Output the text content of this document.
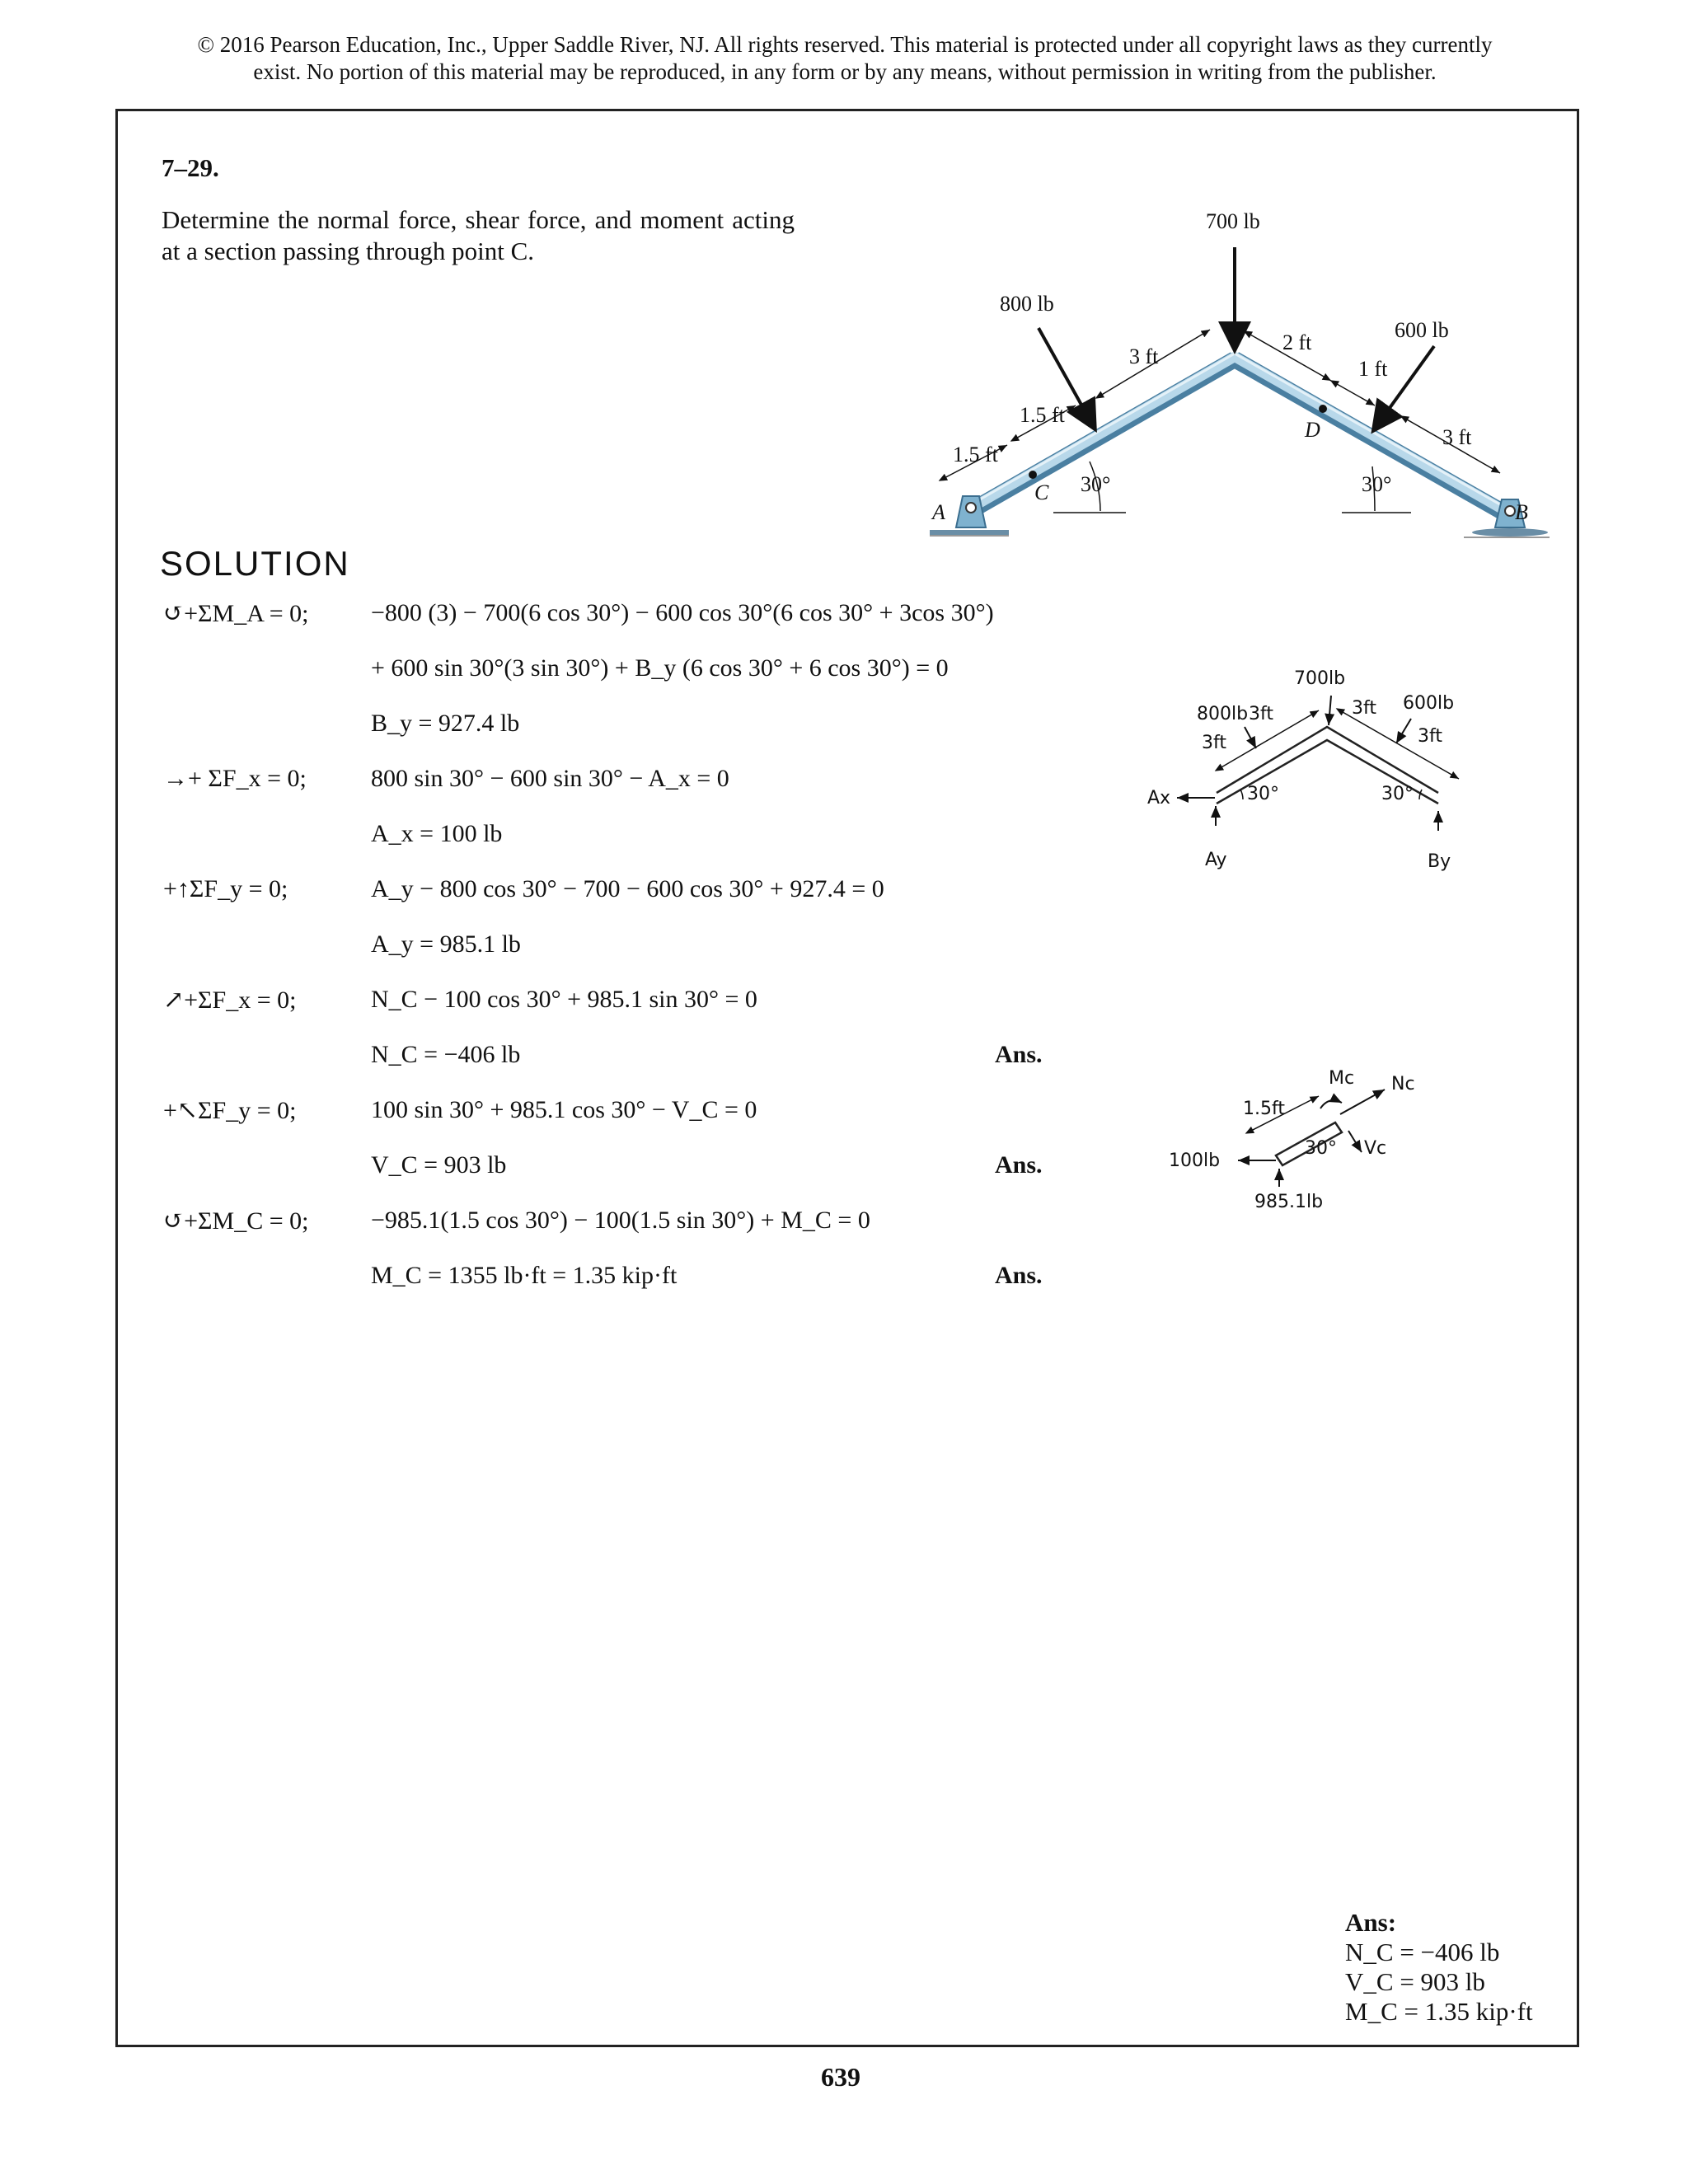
© 2016 Pearson Education, Inc., Upper Saddle River, NJ. All rights reserved. This material is protected under all copyright laws as they currently
exist. No portion of this material may be reproduced, in any form or by any means, without permission in writing from the publisher.
7–29.
Determine the normal force, shear force, and moment acting at a section passing through point C.
700 lb
800 lb
600 lb
3 ft
2 ft
1 ft
1.5 ft
1.5 ft
3 ft
30°	30°
A	B
C
D
700lb
800lb
600lb
3ft
3ft
3ft
3ft
30°	30°
Ax
Ay	By
Mc Nc
Vc
1.5ft
30°
100lb
985.1lb
SOLUTION
↺+ΣM_A = 0;	−800 (3) − 700(6 cos 30°) − 600 cos 30°(6 cos 30° + 3cos 30°)
+ 600 sin 30°(3 sin 30°) + B_y (6 cos 30° + 6 cos 30°) = 0
B_y = 927.4 lb
→+ ΣF_x = 0;	800 sin 30° − 600 sin 30° − A_x = 0
A_x = 100 lb
+↑ΣF_y = 0;	A_y − 800 cos 30° − 700 − 600 cos 30° + 927.4 = 0
A_y = 985.1 lb
↗+ΣF_x = 0;	N_C − 100 cos 30° + 985.1 sin 30° = 0
N_C = −406 lb	Ans.
+↖ΣF_y = 0;	100 sin 30° + 985.1 cos 30° − V_C = 0
V_C = 903 lb	Ans.
↺+ΣM_C = 0;	−985.1(1.5 cos 30°) − 100(1.5 sin 30°) + M_C = 0
M_C = 1355 lb·ft = 1.35 kip·ft	Ans.
Ans:
N_C = −406 lb
V_C = 903 lb
M_C = 1.35 kip·ft
639
